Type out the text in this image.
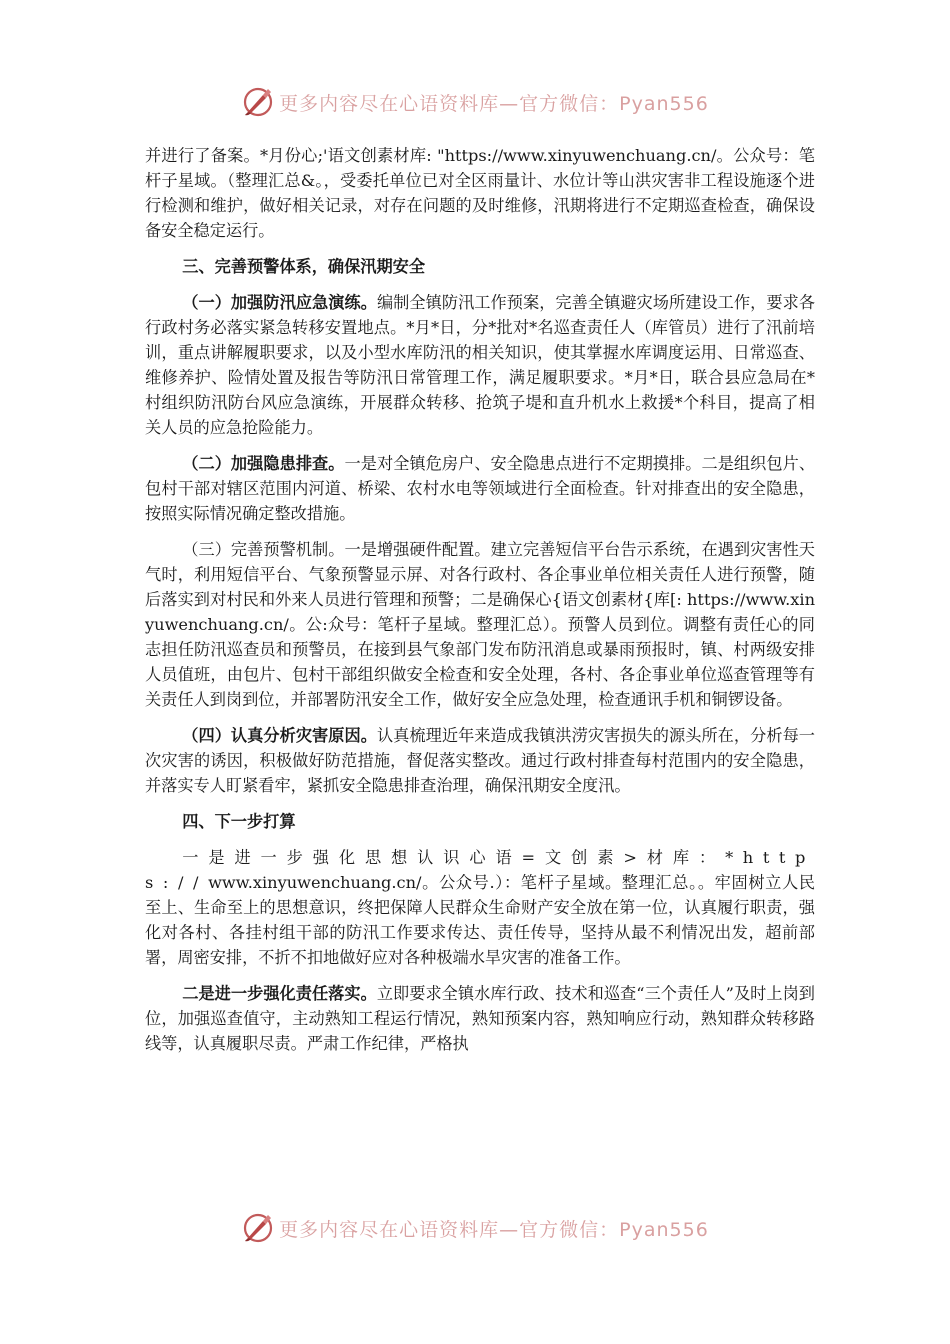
更多内容尽在心语资料库—官方微信：Pyan556

并进行了备案。*月份心;'语文创素材库: "https://www.xinyuwenchuang.cn/。公众号：笔杆子星域。（整理汇总&。，受委托单位已对全区雨量计、水位计等山洪灾害非工程设施逐个进行检测和维护，做好相关记录，对存在问题的及时维修，汛期将进行不定期巡查检查，确保设备安全稳定运行。

三、完善预警体系，确保汛期安全

（一）加强防汛应急演练。编制全镇防汛工作预案，完善全镇避灾场所建设工作，要求各行政村务必落实紧急转移安置地点。*月*日，分*批对*名巡查责任人（库管员）进行了汛前培训，重点讲解履职要求，以及小型水库防汛的相关知识，使其掌握水库调度运用、日常巡查、维修养护、险情处置及报告等防汛日常管理工作，满足履职要求。*月*日，联合县应急局在*村组织防汛防台风应急演练，开展群众转移、抢筑子堤和直升机水上救援*个科目，提高了相关人员的应急抢险能力。

（二）加强隐患排查。一是对全镇危房户、安全隐患点进行不定期摸排。二是组织包片、包村干部对辖区范围内河道、桥梁、农村水电等领域进行全面检查。针对排查出的安全隐患，按照实际情况确定整改措施。

（三）完善预警机制。一是增强硬件配置。建立完善短信平台告示系统，在遇到灾害性天气时，利用短信平台、气象预警显示屏、对各行政村、各企事业单位相关责任人进行预警，随后落实到对村民和外来人员进行管理和预警；二是确保心{语文创素材{库[: https://www.xinyuwenchuang.cn/。公:众号：笔杆子星域。整理汇总）。预警人员到位。调整有责任心的同志担任防汛巡查员和预警员，在接到县气象部门发布防汛消息或暴雨预报时，镇、村两级安排人员值班，由包片、包村干部组织做安全检查和安全处理，各村、各企事业单位巡查管理等有关责任人到岗到位，并部署防汛安全工作，做好安全应急处理，检查通讯手机和铜锣设备。

（四）认真分析灾害原因。认真梳理近年来造成我镇洪涝灾害损失的源头所在，分析每一次灾害的诱因，积极做好防范措施，督促落实整改。通过行政村排查每村范围内的安全隐患，并落实专人盯紧看牢，紧抓安全隐患排查治理，确保汛期安全度汛。

四、下一步打算

一是进一步强化思想认识心语=文创素>材库：*https://www.xinyuwenchuang.cn/。公众号.）：笔杆子星域。整理汇总。。牢固树立人民至上、生命至上的思想意识，终把保障人民群众生命财产安全放在第一位，认真履行职责，强化对各村、各挂村组干部的防汛工作要求传达、责任传导，坚持从最不利情况出发，超前部署，周密安排，不折不扣地做好应对各种极端水旱灾害的准备工作。

二是进一步强化责任落实。立即要求全镇水库行政、技术和巡查“三个责任人”及时上岗到位，加强巡查值守，主动熟知工程运行情况，熟知预案内容，熟知响应行动，熟知群众转移路线等，认真履职尽责。严肃工作纪律，严格执

更多内容尽在心语资料库—官方微信：Pyan556
